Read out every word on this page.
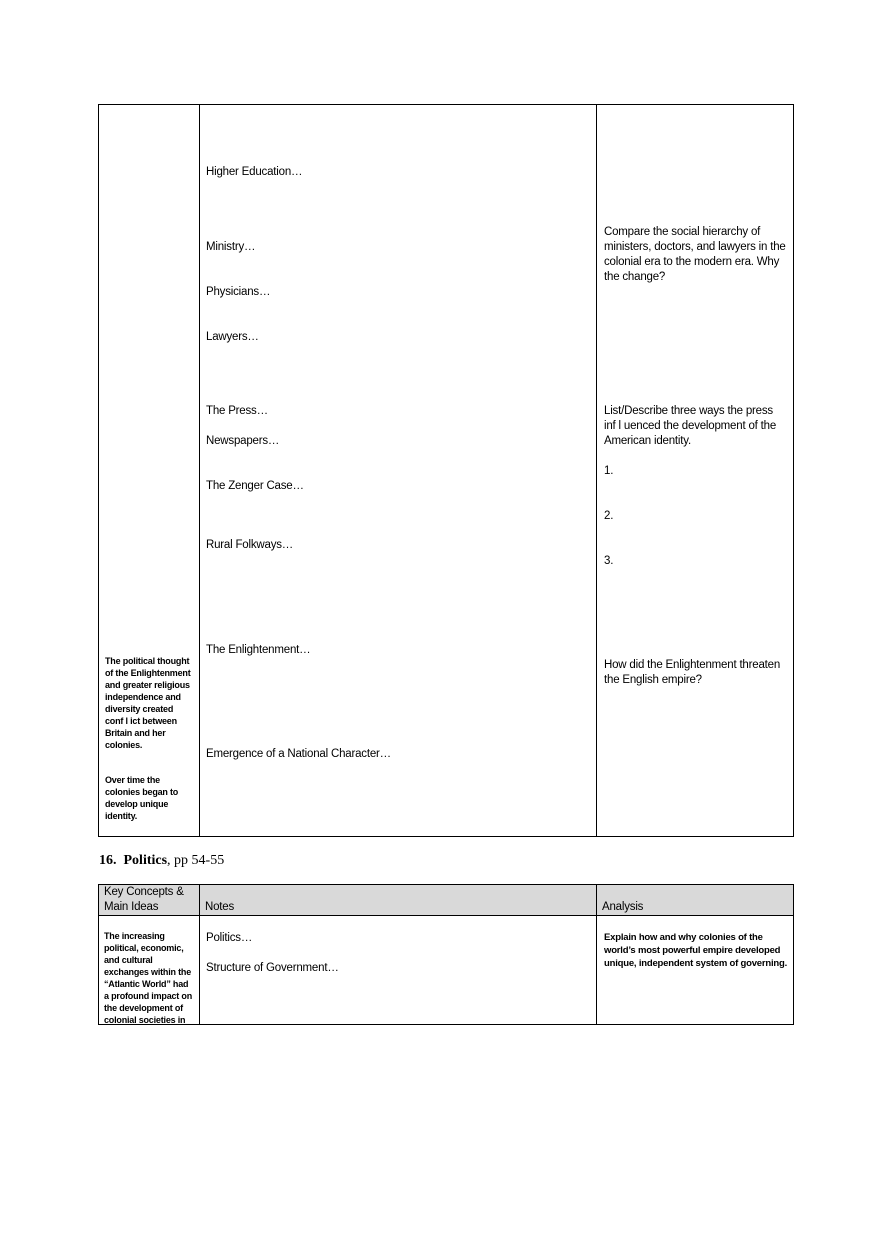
The political thought of the Enlightenment and greater religious independence and diversity created conf l ict between Britain and her colonies.
Over time the colonies began to develop unique identity.
Higher Education…
Ministry…
Physicians…
Lawyers…
The Press…
Newspapers…
The Zenger Case…
Rural Folkways…
The Enlightenment…
Emergence of a National Character…
Compare the social hierarchy of ministers, doctors, and lawyers in the colonial era to the modern era. Why the change?
List/Describe three ways the press inf l uenced the development of the American identity.
1.
2.
3.
How did the Enlightenment threaten the English empire?
16. Politics, pp 54-55
Key Concepts &
Main Ideas	Notes	Analysis
The increasing political, economic, and cultural exchanges within the “Atlantic World” had a profound impact on the development of colonial societies in
Politics…
Structure of Government…
Explain how and why colonies of the world’s most powerful empire developed unique, independent system of governing.
